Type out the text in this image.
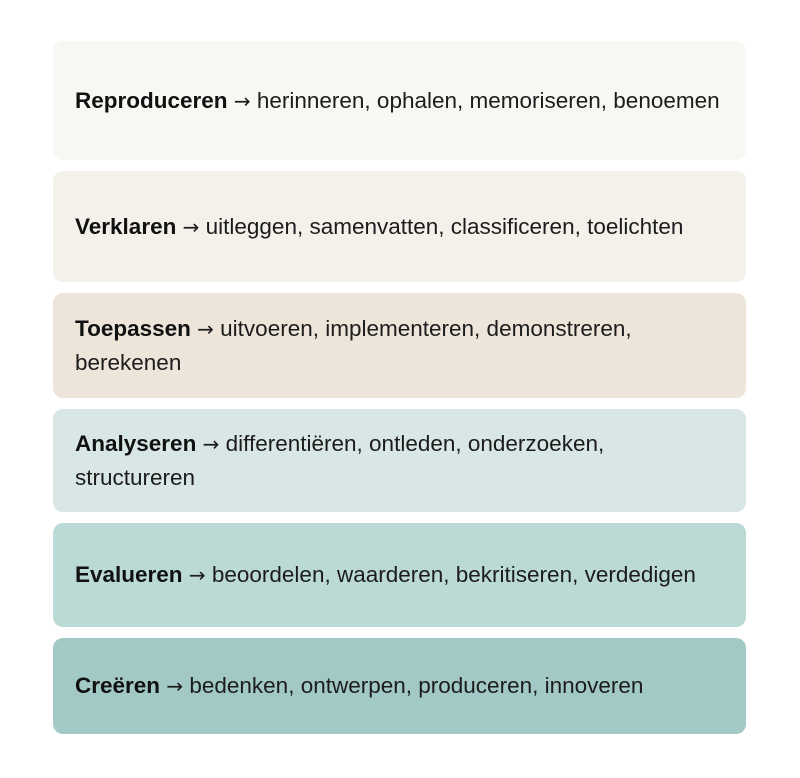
Reproduceren → herinneren, ophalen, memoriseren, benoemen

Verklaren → uitleggen, samenvatten, classificeren, toelichten

Toepassen → uitvoeren, implementeren, demonstreren, berekenen

Analyseren → differentiëren, ontleden, onderzoeken, structureren

Evalueren → beoordelen, waarderen, bekritiseren, verdedigen

Creëren → bedenken, ontwerpen, produceren, innoveren
